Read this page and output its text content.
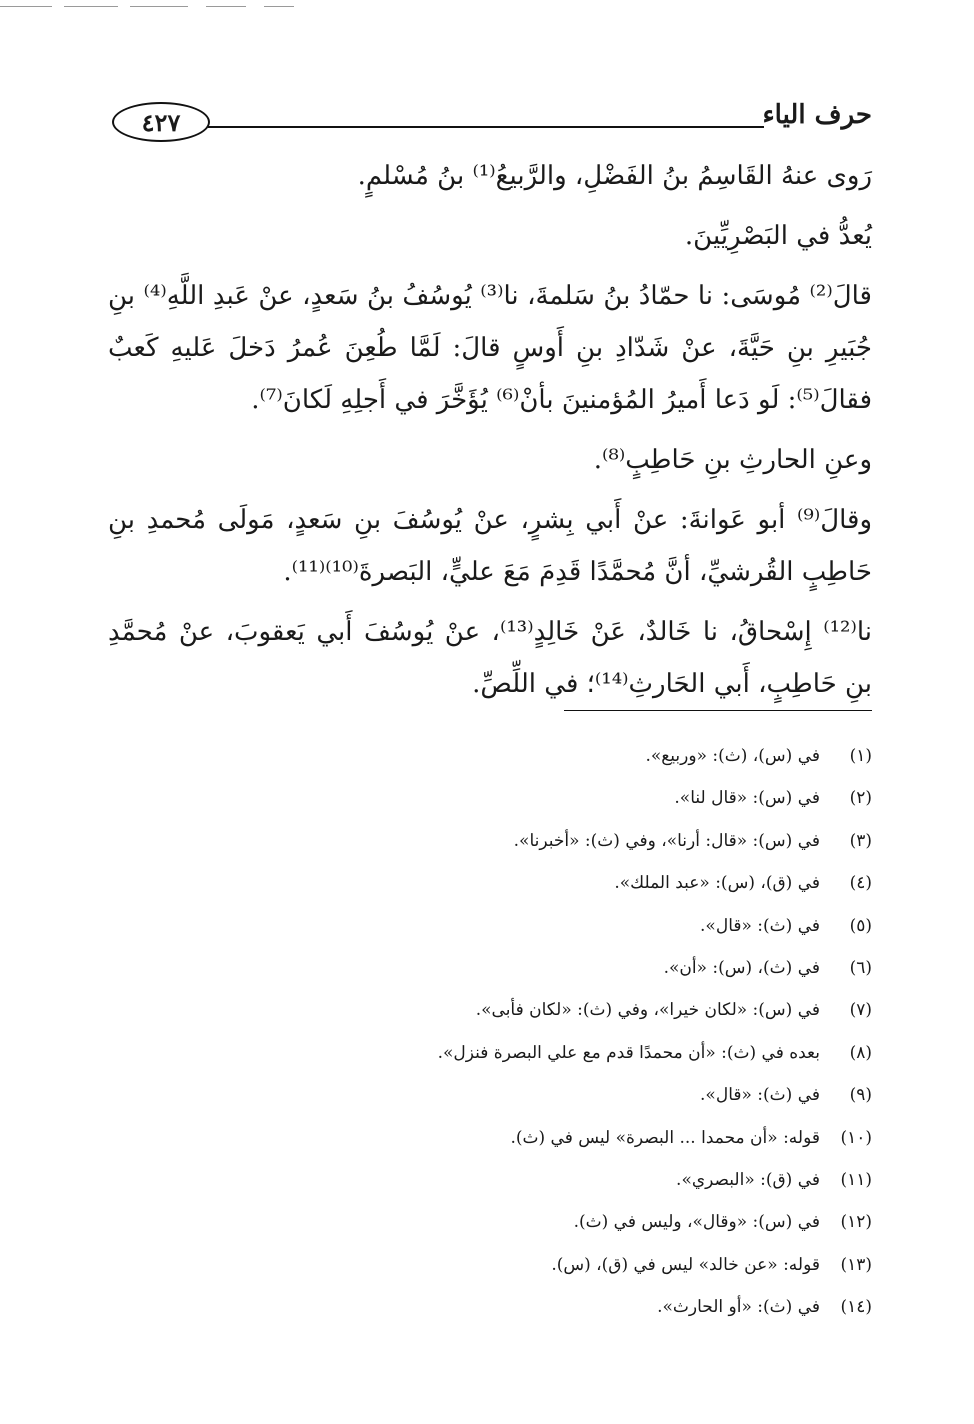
٤٢٧	حرف الياء

رَوى عنهُ القَاسِمُ بنُ الفَضْلِ، والرَّبيعُ⁽¹⁾ بنُ مُسْلمٍ.

يُعدُّ في البَصْرِيِّينَ.

قالَ⁽²⁾ مُوسَى: نا حمّادُ بنُ سَلمةَ، نا⁽³⁾ يُوسُفُ بنُ سَعدٍ، عنْ عَبدِ اللَّهِ⁽⁴⁾ بنِ جُبَيرِ بنِ حَيَّةَ، عنْ شَدّادِ بنِ أَوسٍ قالَ: لَمَّا طُعِنَ عُمرُ دَخلَ عَليهِ كَعبٌ فقالَ⁽⁵⁾: لَو دَعا أَميرُ المُؤمنينَ بأنْ⁽⁶⁾ يُؤَخَّرَ في أَجلِهِ لَكانَ⁽⁷⁾.

وعنِ الحارثِ بنِ حَاطِبٍ⁽⁸⁾.

وقالَ⁽⁹⁾ أبو عَوانةَ: عنْ أَبي بِشرٍ، عنْ يُوسُفَ بنِ سَعدٍ، مَولَى مُحمدِ بنِ حَاطِبٍ القُرشيِّ، أنَّ مُحمَّدًا قَدِمَ مَعَ عليٍّ، البَصرةَ⁽¹⁰⁾⁽¹¹⁾.

نا⁽¹²⁾ إِسْحاقُ، نا خَالدٌ، عَنْ خَالِدٍ⁽¹³⁾، عنْ يُوسُفَ أَبي يَعقوبَ، عنْ مُحمَّدِ بنِ حَاطِبٍ، أَبي الحَارثِ⁽¹⁴⁾؛ في اللِّصِّ.

(١)
في (س)، (ث): «وربيع».
(٢)
في (س): «قال لنا».
(٣)
في (س): «قال: أرنا»، وفي (ث): «أخبرنا».
(٤)
في (ق)، (س): «عبد الملك».
(٥)
في (ث): «قال».
(٦)
في (ث)، (س): «أن».
(٧)
في (س): «لكان خيرا»، وفي (ث): «لكان فأبى».
(٨)
بعده في (ث): «أن محمدًا قدم مع علي البصرة فنزل».
(٩)
في (ث): «قال».
(١٠)
قوله: «أن محمدا ... البصرة» ليس في (ث).
(١١)
في (ق): «البصري».
(١٢)
في (س): «وقال»، وليس في (ث).
(١٣)
قوله: «عن خالد» ليس في (ق)، (س).
(١٤)
في (ث): «أو الحارث».
